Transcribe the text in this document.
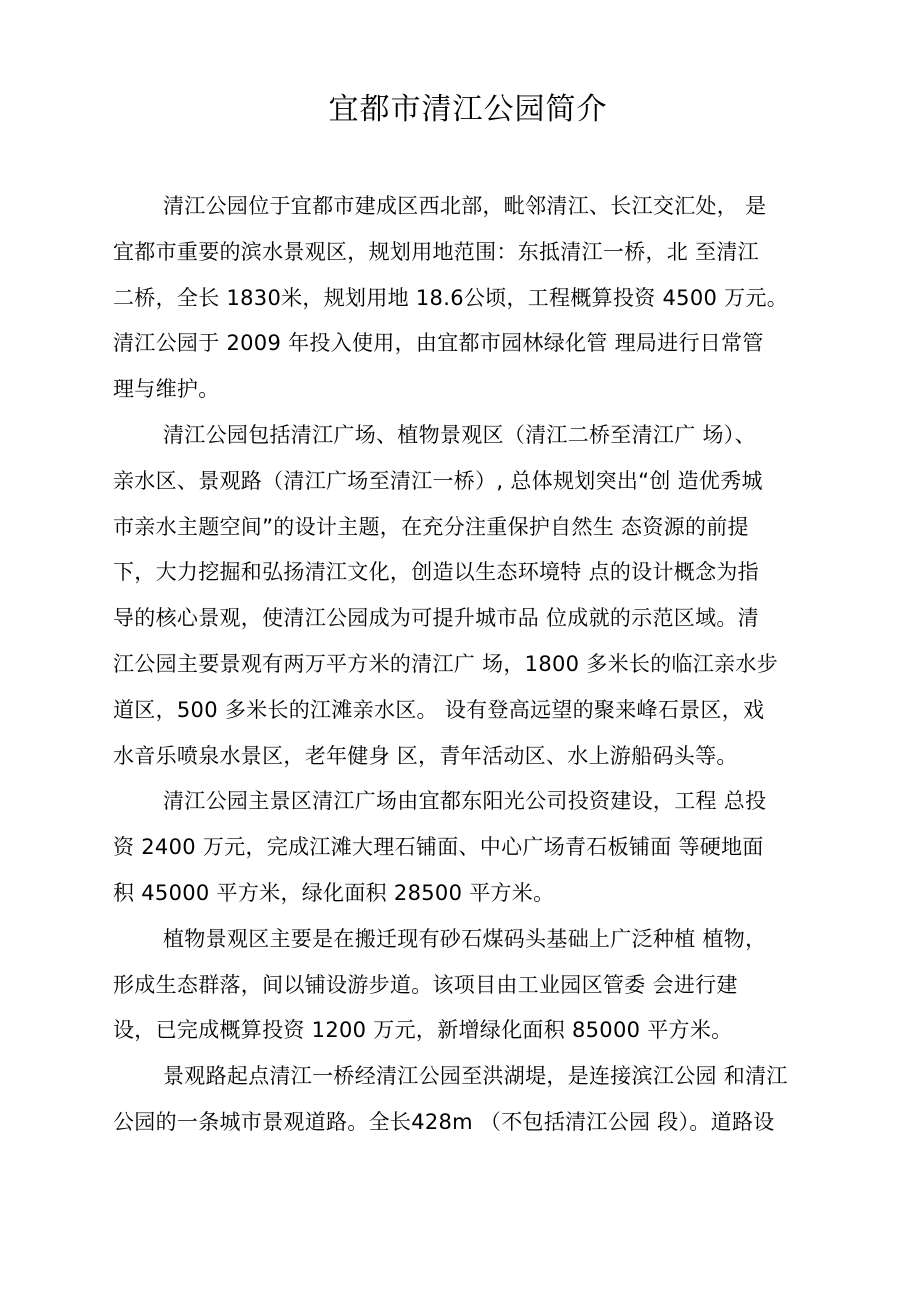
宜都市清江公园简介
清江公园位于宜都市建成区西北部，毗邻清江、长江交汇处， 是
宜都市重要的滨水景观区，规划用地范围：东抵清江一桥，北 至清江
二桥，全长 1830米，规划用地 18.6公顷，工程概算投资 4500 万元。
清江公园于 2009 年投入使用，由宜都市园林绿化管 理局进行日常管
理与维护。
清江公园包括清江广场、植物景观区（清江二桥至清江广 场）、
亲水区、景观路（清江广场至清江一桥）, 总体规划突出“创 造优秀城
市亲水主题空间”的设计主题，在充分注重保护自然生 态资源的前提
下，大力挖掘和弘扬清江文化，创造以生态环境特 点的设计概念为指
导的核心景观，使清江公园成为可提升城市品 位成就的示范区域。清
江公园主要景观有两万平方米的清江广 场，1800 多米长的临江亲水步
道区，500 多米长的江滩亲水区。 设有登高远望的聚来峰石景区，戏
水音乐喷泉水景区，老年健身 区，青年活动区、水上游船码头等。
清江公园主景区清江广场由宜都东阳光公司投资建设，工程 总投
资 2400 万元，完成江滩大理石铺面、中心广场青石板铺面 等硬地面
积 45000 平方米，绿化面积 28500 平方米。
植物景观区主要是在搬迁现有砂石煤码头基础上广泛种植 植物，
形成生态群落，间以铺设游步道。该项目由工业园区管委 会进行建
设，已完成概算投资 1200 万元，新增绿化面积 85000 平方米。
景观路起点清江一桥经清江公园至洪湖堤，是连接滨江公园 和清江
公园的一条城市景观道路。全长428m （不包括清江公园 段）。道路设
